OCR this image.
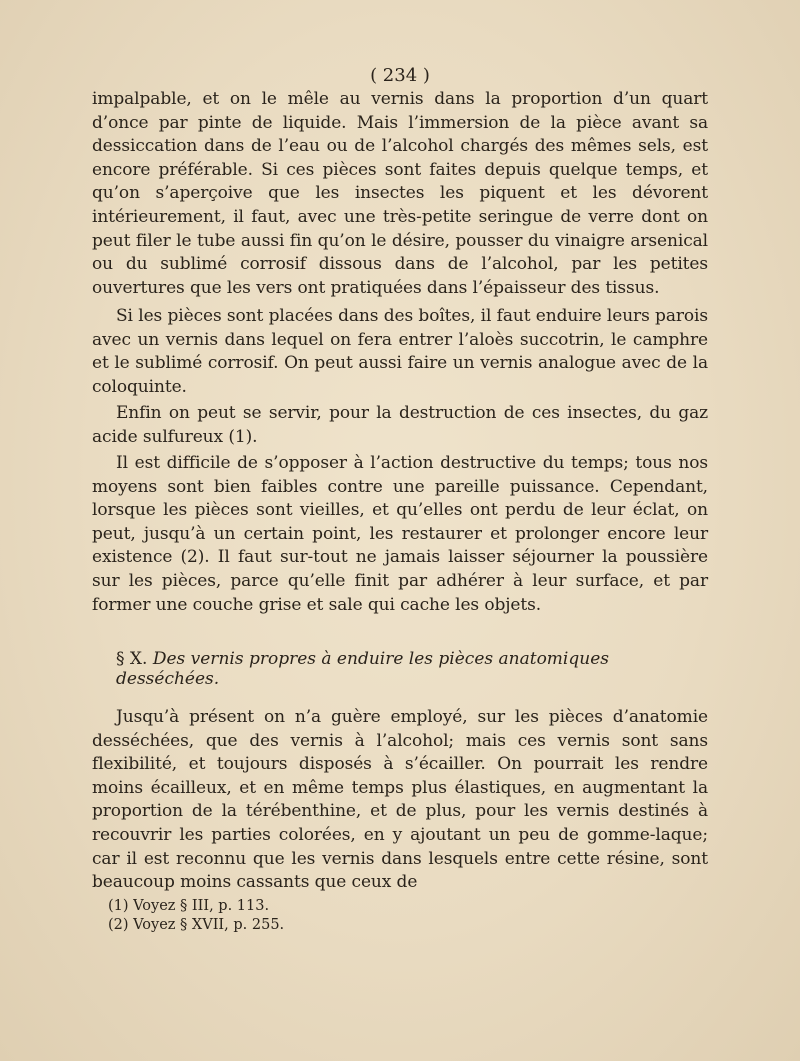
( 234 )

impalpable, et on le mêle au vernis dans la proportion d’un quart d’once par pinte de liquide. Mais l’immersion de la pièce avant sa dessiccation dans de l’eau ou de l’alcohol chargés des mêmes sels, est encore préférable. Si ces pièces sont faites depuis quelque temps, et qu’on s’aperçoive que les insectes les piquent et les dévorent intérieurement, il faut, avec une très-petite seringue de verre dont on peut filer le tube aussi fin qu’on le désire, pousser du vinaigre arsenical ou du sublimé corrosif dissous dans de l’alcohol, par les petites ouvertures que les vers ont pratiquées dans l’épaisseur des tissus.

Si les pièces sont placées dans des boîtes, il faut enduire leurs parois avec un vernis dans lequel on fera entrer l’aloès succotrin, le camphre et le sublimé corrosif. On peut aussi faire un vernis analogue avec de la coloquinte.

Enfin on peut se servir, pour la destruction de ces insectes, du gaz acide sulfureux (1).

Il est difficile de s’opposer à l’action destructive du temps; tous nos moyens sont bien faibles contre une pareille puissance. Cependant, lorsque les pièces sont vieilles, et qu’elles ont perdu de leur éclat, on peut, jusqu’à un certain point, les restaurer et prolonger encore leur existence (2). Il faut sur-tout ne jamais laisser séjourner la poussière sur les pièces, parce qu’elle finit par adhérer à leur surface, et par former une couche grise et sale qui cache les objets.

§ X. Des vernis propres à enduire les pièces anatomiques desséchées.

Jusqu’à présent on n’a guère employé, sur les pièces d’anatomie desséchées, que des vernis à l’alcohol; mais ces vernis sont sans flexibilité, et toujours disposés à s’écailler. On pourrait les rendre moins écailleux, et en même temps plus élastiques, en augmentant la proportion de la térébenthine, et de plus, pour les vernis destinés à recouvrir les parties colorées, en y ajoutant un peu de gomme-laque; car il est reconnu que les vernis dans lesquels entre cette résine, sont beaucoup moins cassants que ceux de

(1) Voyez § III, p. 113.
(2) Voyez § XVII, p. 255.
